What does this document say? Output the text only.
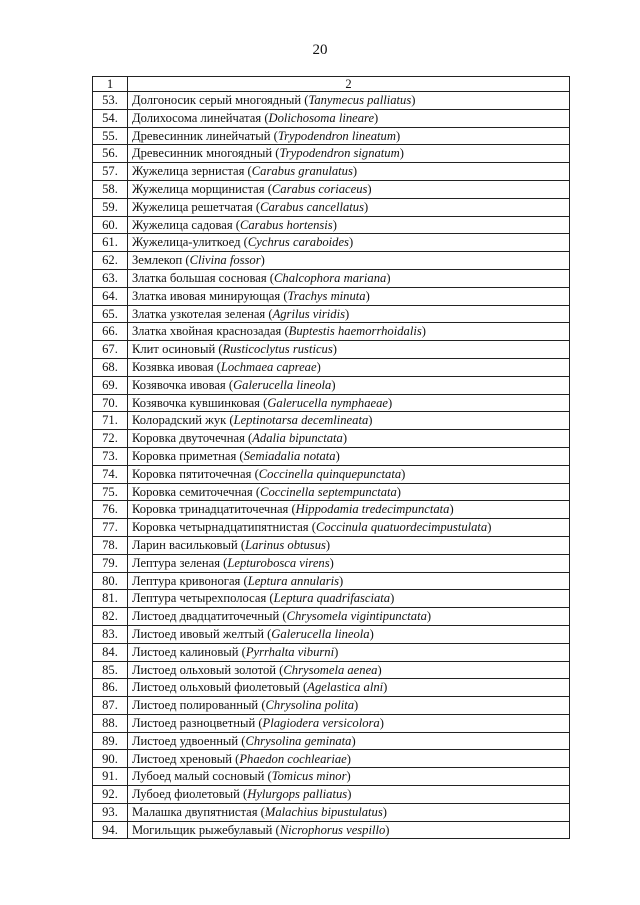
20
1	2
53.	Долгоносик серый многоядный (Tanymecus palliatus)
54.	Долихосома линейчатая (Dolichosoma lineare)
55.	Древесинник линейчатый (Trypodendron lineatum)
56.	Древесинник многоядный (Trypodendron signatum)
57.	Жужелица зернистая (Carabus granulatus)
58.	Жужелица морщинистая (Carabus coriaceus)
59.	Жужелица решетчатая (Carabus cancellatus)
60.	Жужелица садовая (Carabus hortensis)
61.	Жужелица-улиткоед (Cychrus caraboides)
62.	Землекоп (Clivina fossor)
63.	Златка большая сосновая (Chalcophora mariana)
64.	Златка ивовая минирующая (Trachys minuta)
65.	Златка узкотелая зеленая (Agrilus viridis)
66.	Златка хвойная краснозадая (Buptestis haemorrhoidalis)
67.	Клит осиновый (Rusticoclytus rusticus)
68.	Козявка ивовая (Lochmaea capreae)
69.	Козявочка ивовая (Galerucella lineola)
70.	Козявочка кувшинковая (Galerucella nymphaeae)
71.	Колорадский жук (Leptinotarsa decemlineata)
72.	Коровка двуточечная (Adalia bipunctata)
73.	Коровка приметная (Semiadalia notata)
74.	Коровка пятиточечная (Coccinella quinquepunctata)
75.	Коровка семиточечная (Coccinella septempunctata)
76.	Коровка тринадцатиточечная (Hippodamia tredecimpunctata)
77.	Коровка четырнадцатипятнистая (Coccinula quatuordecimpustulata)
78.	Ларин васильковый (Larinus obtusus)
79.	Лептура зеленая (Lepturobosca virens)
80.	Лептура кривоногая (Leptura annularis)
81.	Лептура четырехполосая (Leptura quadrifasciata)
82.	Листоед двадцатиточечный (Chrysomela vigintipunctata)
83.	Листоед ивовый желтый (Galerucella lineola)
84.	Листоед калиновый (Pyrrhalta viburni)
85.	Листоед ольховый золотой (Chrysomela aenea)
86.	Листоед ольховый фиолетовый (Agelastica alni)
87.	Листоед полированный (Chrysolina polita)
88.	Листоед разноцветный (Plagiodera versicolora)
89.	Листоед удвоенный (Chrysolina geminata)
90.	Листоед хреновый (Phaedon cochleariae)
91.	Лубоед малый сосновый (Tomicus minor)
92.	Лубоед фиолетовый (Hylurgops palliatus)
93.	Малашка двупятнистая (Malachius bipustulatus)
94.	Могильщик рыжебулавый (Nicrophorus vespillo)
